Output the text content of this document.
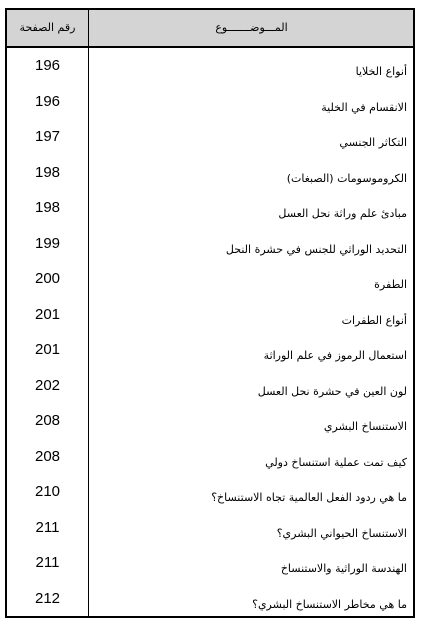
رقم الصفحة	المـــوضـــــــوع
196	أنواع الخلايا
196	الانقسام في الخلية
197	التكاثر الجنسي
198	الكروموسومات (الصبغات)
198	مبادئ علم وراثة نحل العسل
199	التحديد الوراثي للجنس في حشرة النحل
200	الطفرة
201	أنواع الطفرات
201	استعمال الرموز في علم الوراثة
202	لون العين في حشرة نحل العسل
208	الاستنساخ البشري
208	كيف تمت عملية استنساخ دولي
210	ما هي ردود الفعل العالمية تجاه الاستنساخ؟
211	الاستنساخ الحيواني البشري؟
211	الهندسة الوراثية والاستنساخ
212	ما هي مخاطر الاستنساخ البشري؟
